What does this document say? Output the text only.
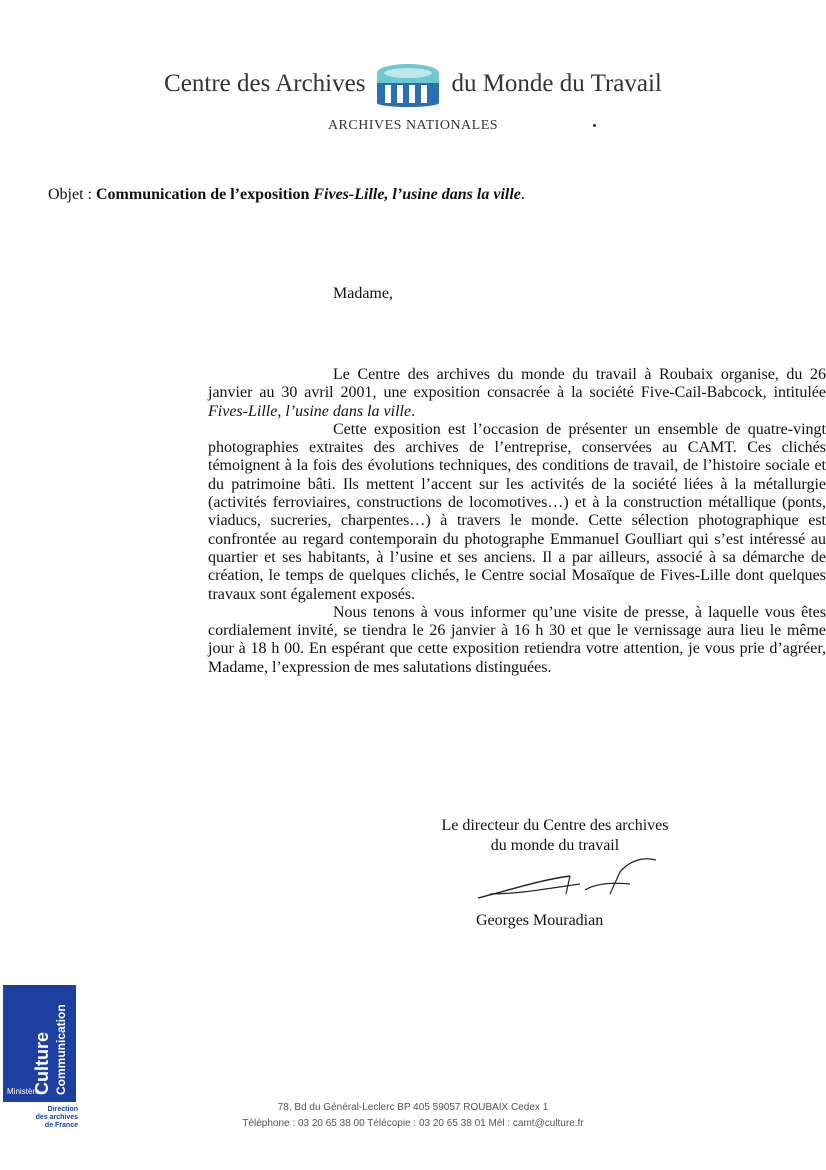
Centre des Archives	du Monde du Travail
ARCHIVES NATIONALES
Objet : Communication de l’exposition Fives-Lille, l’usine dans la ville.
Madame,

Le Centre des archives du monde du travail à Roubaix organise, du 26 janvier au 30 avril 2001, une exposition consacrée à la société Five-Cail-Babcock, intitulée Fives-Lille, l’usine dans la ville.

Cette exposition est l’occasion de présenter un ensemble de quatre-vingt photographies extraites des archives de l’entreprise, conservées au CAMT. Ces clichés témoignent à la fois des évolutions techniques, des conditions de travail, de l’histoire sociale et du patrimoine bâti. Ils mettent l’accent sur les activités de la société liées à la métallurgie (activités ferroviaires, constructions de locomotives…) et à la construction métallique (ponts, viaducs, sucreries, charpentes…) à travers le monde. Cette sélection photographique est confrontée au regard contemporain du photographe Emmanuel Goulliart qui s’est intéressé au quartier et ses habitants, à l’usine et ses anciens. Il a par ailleurs, associé à sa démarche de création, le temps de quelques clichés, le Centre social Mosaïque de Fives-Lille dont quelques travaux sont également exposés.

Nous tenons à vous informer qu’une visite de presse, à laquelle vous êtes cordialement invité, se tiendra le 26 janvier à 16 h 30 et que le vernissage aura lieu le même jour à 18 h 00. En espérant que cette exposition retiendra votre attention, je vous prie d’agréer, Madame, l’expression de mes salutations distinguées.

Le directeur du Centre des archives
du monde du travail
Georges Mouradian
Culture Communication
Ministère
Direction
des archives
de France
78, Bd du Général-Leclerc BP 405 59057 ROUBAIX Cedex 1
Téléphone : 03 20 65 38 00 Télécopie : 03 20 65 38 01 Mél : camt@culture.fr
